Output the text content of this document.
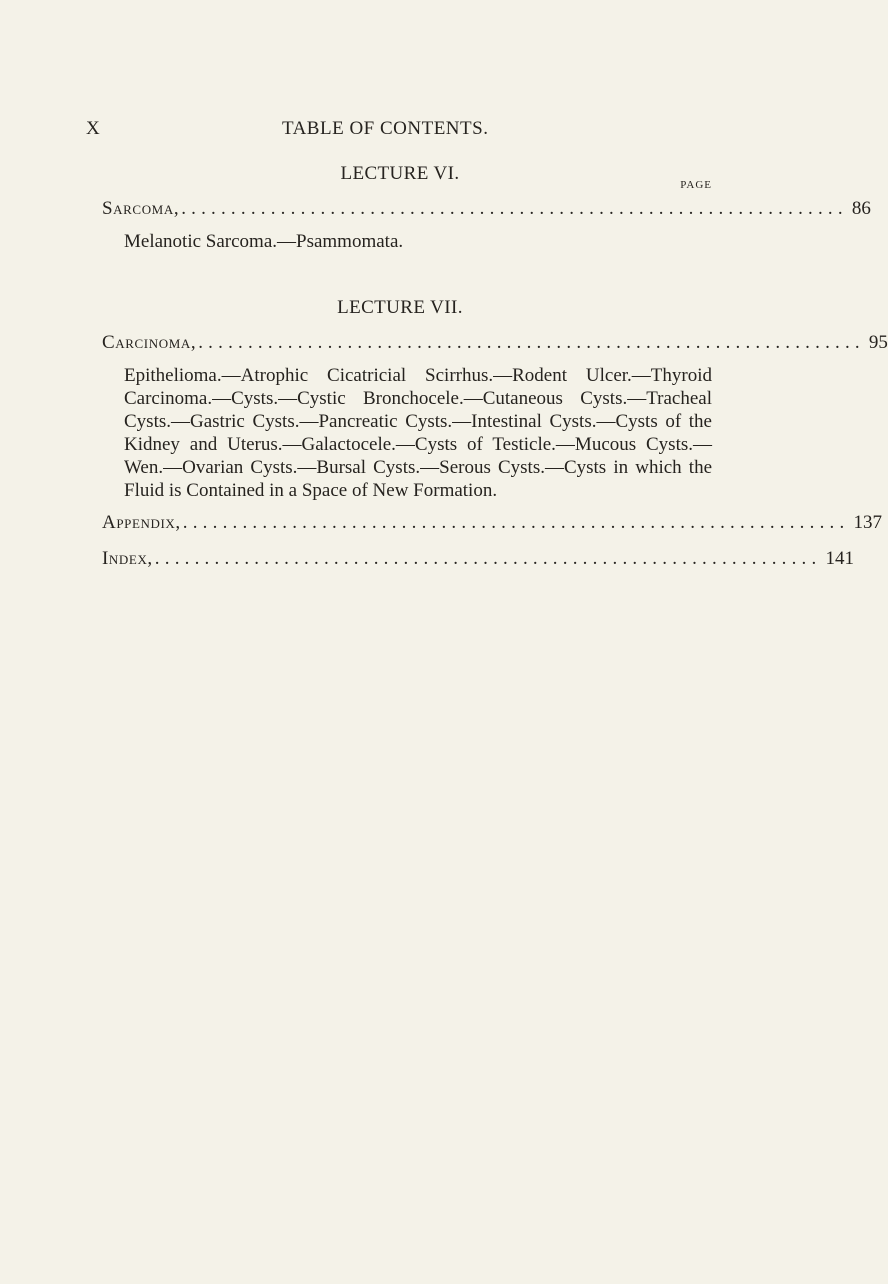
X	TABLE OF CONTENTS.
LECTURE VI.
PAGE
Sarcoma, ................................................................... 86
Melanotic Sarcoma.—Psammomata.
LECTURE VII.
Carcinoma, ................................................................... 95
Epithelioma.—Atrophic Cicatricial Scirrhus.—Rodent Ulcer.—Thyroid Carcinoma.—Cysts.—Cystic Bronchocele.—Cutaneous Cysts.—Tracheal Cysts.—Gastric Cysts.—Pancreatic Cysts.—Intestinal Cysts.—Cysts of the Kidney and Uterus.—Galactocele.—Cysts of Testicle.—Mucous Cysts.—Wen.—Ovarian Cysts.—Bursal Cysts.—Serous Cysts.—Cysts in which the Fluid is Contained in a Space of New Formation.
Appendix, ................................................................... 137
Index, ................................................................... 141
